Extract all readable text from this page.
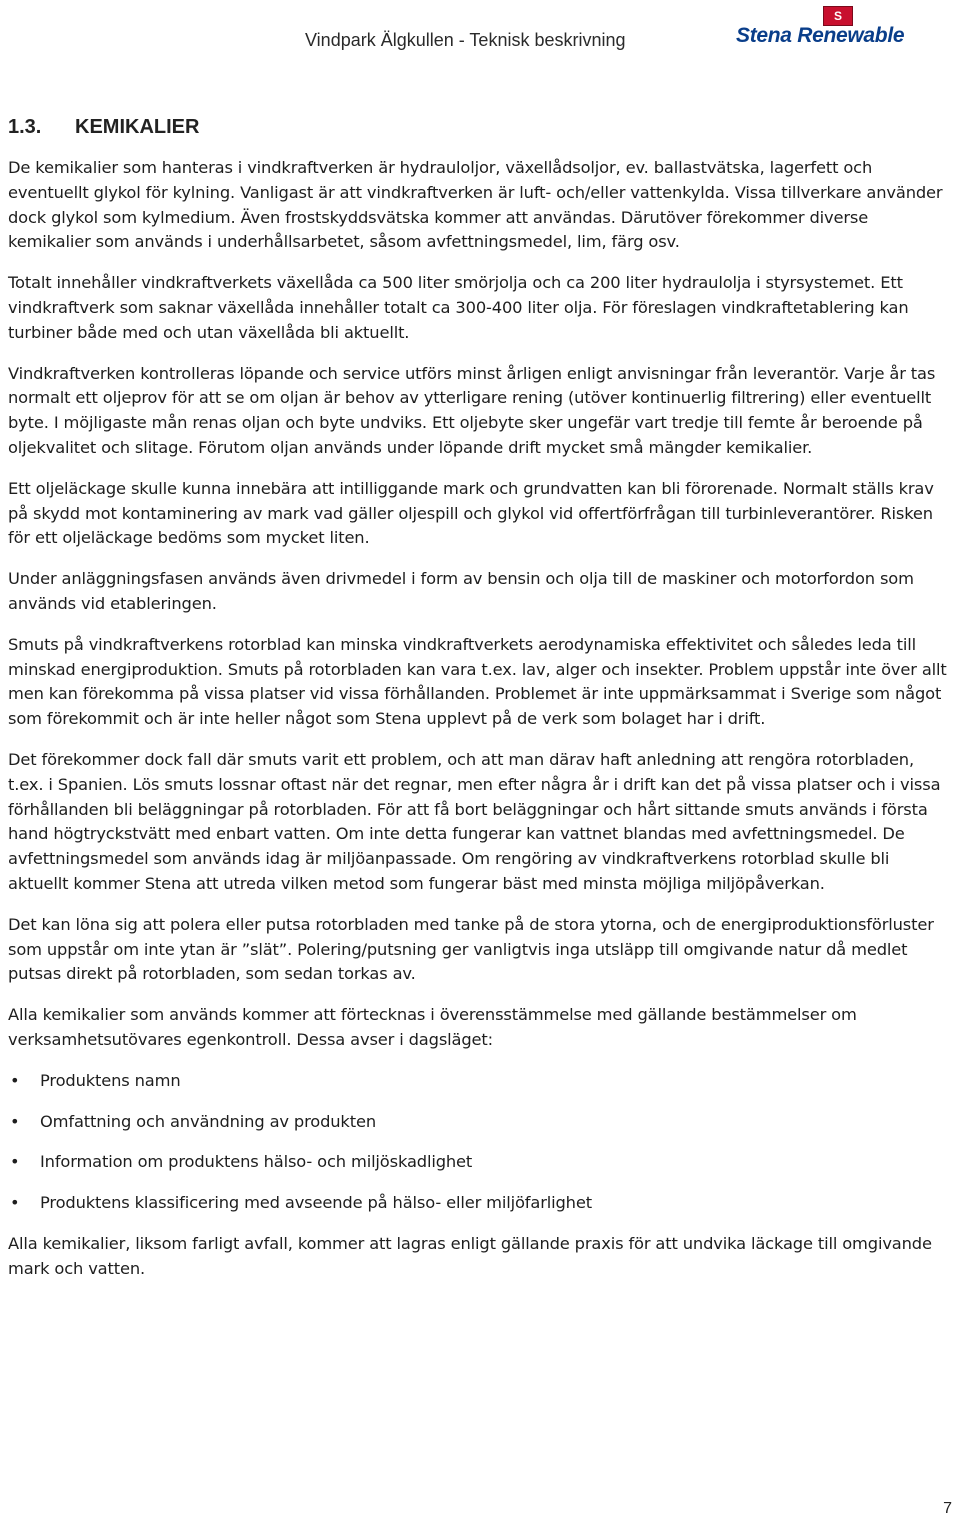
Vindpark Älgkullen - Teknisk beskrivning
S
Stena Renewable
1.3. KEMIKALIER

De kemikalier som hanteras i vindkraftverken är hydrauloljor, växellådsoljor, ev. ballastvätska, lagerfett och eventuellt glykol för kylning. Vanligast är att vindkraftverken är luft- och/eller vattenkylda. Vissa tillverkare använder dock glykol som kylmedium. Även frostskyddsvätska kommer att användas. Därutöver förekommer diverse kemikalier som används i underhållsarbetet, såsom avfettningsmedel, lim, färg osv.

Totalt innehåller vindkraftverkets växellåda ca 500 liter smörjolja och ca 200 liter hydraulolja i styrsystemet. Ett vindkraftverk som saknar växellåda innehåller totalt ca 300-400 liter olja. För föreslagen vindkraftetablering kan turbiner både med och utan växellåda bli aktuellt.

Vindkraftverken kontrolleras löpande och service utförs minst årligen enligt anvisningar från leverantör. Varje år tas normalt ett oljeprov för att se om oljan är behov av ytterligare rening (utöver kontinuerlig filtrering) eller eventuellt byte. I möjligaste mån renas oljan och byte undviks. Ett oljebyte sker ungefär vart tredje till femte år beroende på oljekvalitet och slitage. Förutom oljan används under löpande drift mycket små mängder kemikalier.

Ett oljeläckage skulle kunna innebära att intilliggande mark och grundvatten kan bli förorenade. Normalt ställs krav på skydd mot kontaminering av mark vad gäller oljespill och glykol vid offertförfrågan till turbinleverantörer. Risken för ett oljeläckage bedöms som mycket liten.

Under anläggningsfasen används även drivmedel i form av bensin och olja till de maskiner och motorfordon som används vid etableringen.

Smuts på vindkraftverkens rotorblad kan minska vindkraftverkets aerodynamiska effektivitet och således leda till minskad energiproduktion. Smuts på rotorbladen kan vara t.ex. lav, alger och insekter. Problem uppstår inte över allt men kan förekomma på vissa platser vid vissa förhållanden. Problemet är inte uppmärksammat i Sverige som något som förekommit och är inte heller något som Stena upplevt på de verk som bolaget har i drift.

Det förekommer dock fall där smuts varit ett problem, och att man därav haft anledning att rengöra rotorbladen, t.ex. i Spanien. Lös smuts lossnar oftast när det regnar, men efter några år i drift kan det på vissa platser och i vissa förhållanden bli beläggningar på rotorbladen. För att få bort beläggningar och hårt sittande smuts används i första hand högtryckstvätt med enbart vatten. Om inte detta fungerar kan vattnet blandas med avfettningsmedel. De avfettningsmedel som används idag är miljöanpassade. Om rengöring av vindkraftverkens rotorblad skulle bli aktuellt kommer Stena att utreda vilken metod som fungerar bäst med minsta möjliga miljöpåverkan.

Det kan löna sig att polera eller putsa rotorbladen med tanke på de stora ytorna, och de energiproduktionsförluster som uppstår om inte ytan är ”slät”. Polering/putsning ger vanligtvis inga utsläpp till omgivande natur då medlet putsas direkt på rotorbladen, som sedan torkas av.

Alla kemikalier som används kommer att förtecknas i överensstämmelse med gällande bestämmelser om verksamhetsutövares egenkontroll. Dessa avser i dagsläget:

• Produktens namn
• Omfattning och användning av produkten
• Information om produktens hälso- och miljöskadlighet
• Produktens klassificering med avseende på hälso- eller miljöfarlighet

Alla kemikalier, liksom farligt avfall, kommer att lagras enligt gällande praxis för att undvika läckage till omgivande mark och vatten.

7
